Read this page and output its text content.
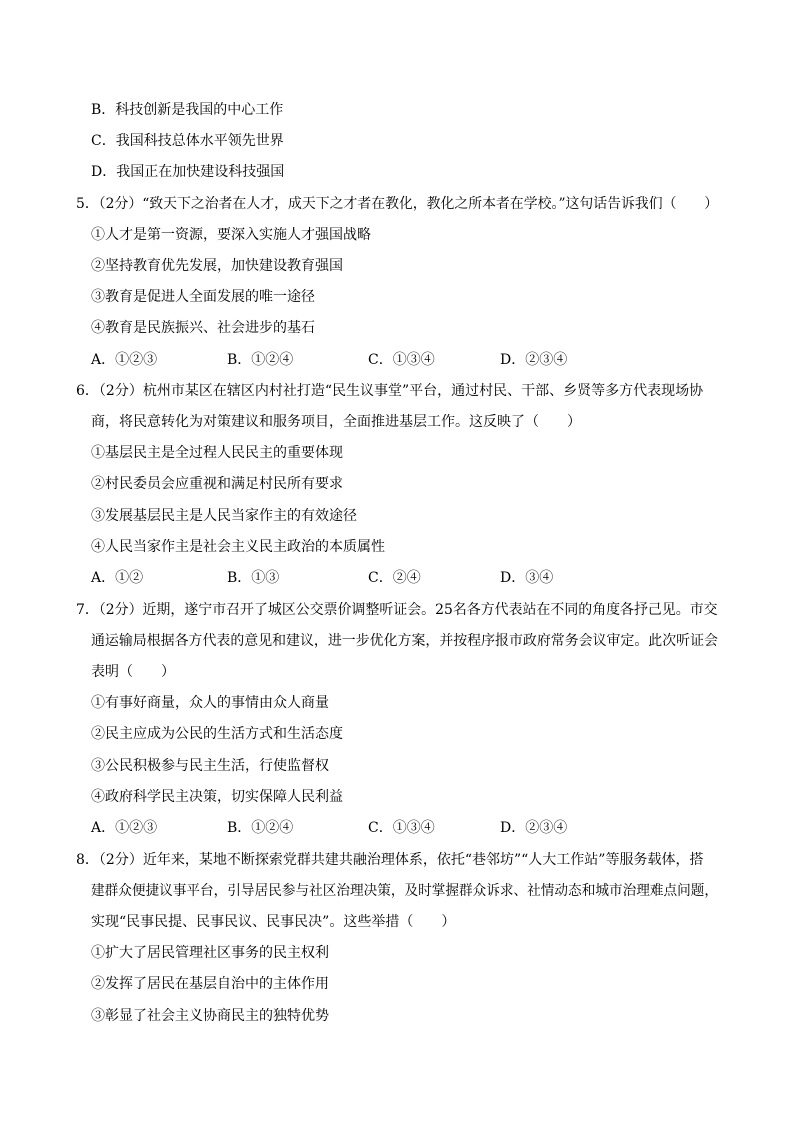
B．科技创新是我国的中心工作
C．我国科技总体水平领先世界
D．我国正在加快建设科技强国
5．（2分）“致天下之治者在人才，成天下之才者在教化，教化之所本者在学校。”这句话告诉我们（　　）
①人才是第一资源，要深入实施人才强国战略
②坚持教育优先发展，加快建设教育强国
③教育是促进人全面发展的唯一途径
④教育是民族振兴、社会进步的基石
A．①②③	B．①②④	C．①③④	D．②③④
6．（2分）杭州市某区在辖区内村社打造“民生议事堂”平台，通过村民、干部、乡贤等多方代表现场协
商，将民意转化为对策建议和服务项目，全面推进基层工作。这反映了（　　）
①基层民主是全过程人民民主的重要体现
②村民委员会应重视和满足村民所有要求
③发展基层民主是人民当家作主的有效途径
④人民当家作主是社会主义民主政治的本质属性
A．①②	B．①③	C．②④	D．③④
7．（2分）近期，遂宁市召开了城区公交票价调整听证会。25名各方代表站在不同的角度各抒己见。市交
通运输局根据各方代表的意见和建议，进一步优化方案，并按程序报市政府常务会议审定。此次听证会
表明（　　）
①有事好商量，众人的事情由众人商量
②民主应成为公民的生活方式和生活态度
③公民积极参与民主生活，行使监督权
④政府科学民主决策，切实保障人民利益
A．①②③	B．①②④	C．①③④	D．②③④
8．（2分）近年来，某地不断探索党群共建共融治理体系，依托“巷邻坊”“人大工作站”等服务载体，搭
建群众便捷议事平台，引导居民参与社区治理决策，及时掌握群众诉求、社情动态和城市治理难点问题，
实现“民事民提、民事民议、民事民决”。这些举措（　　）
①扩大了居民管理社区事务的民主权利
②发挥了居民在基层自治中的主体作用
③彰显了社会主义协商民主的独特优势
